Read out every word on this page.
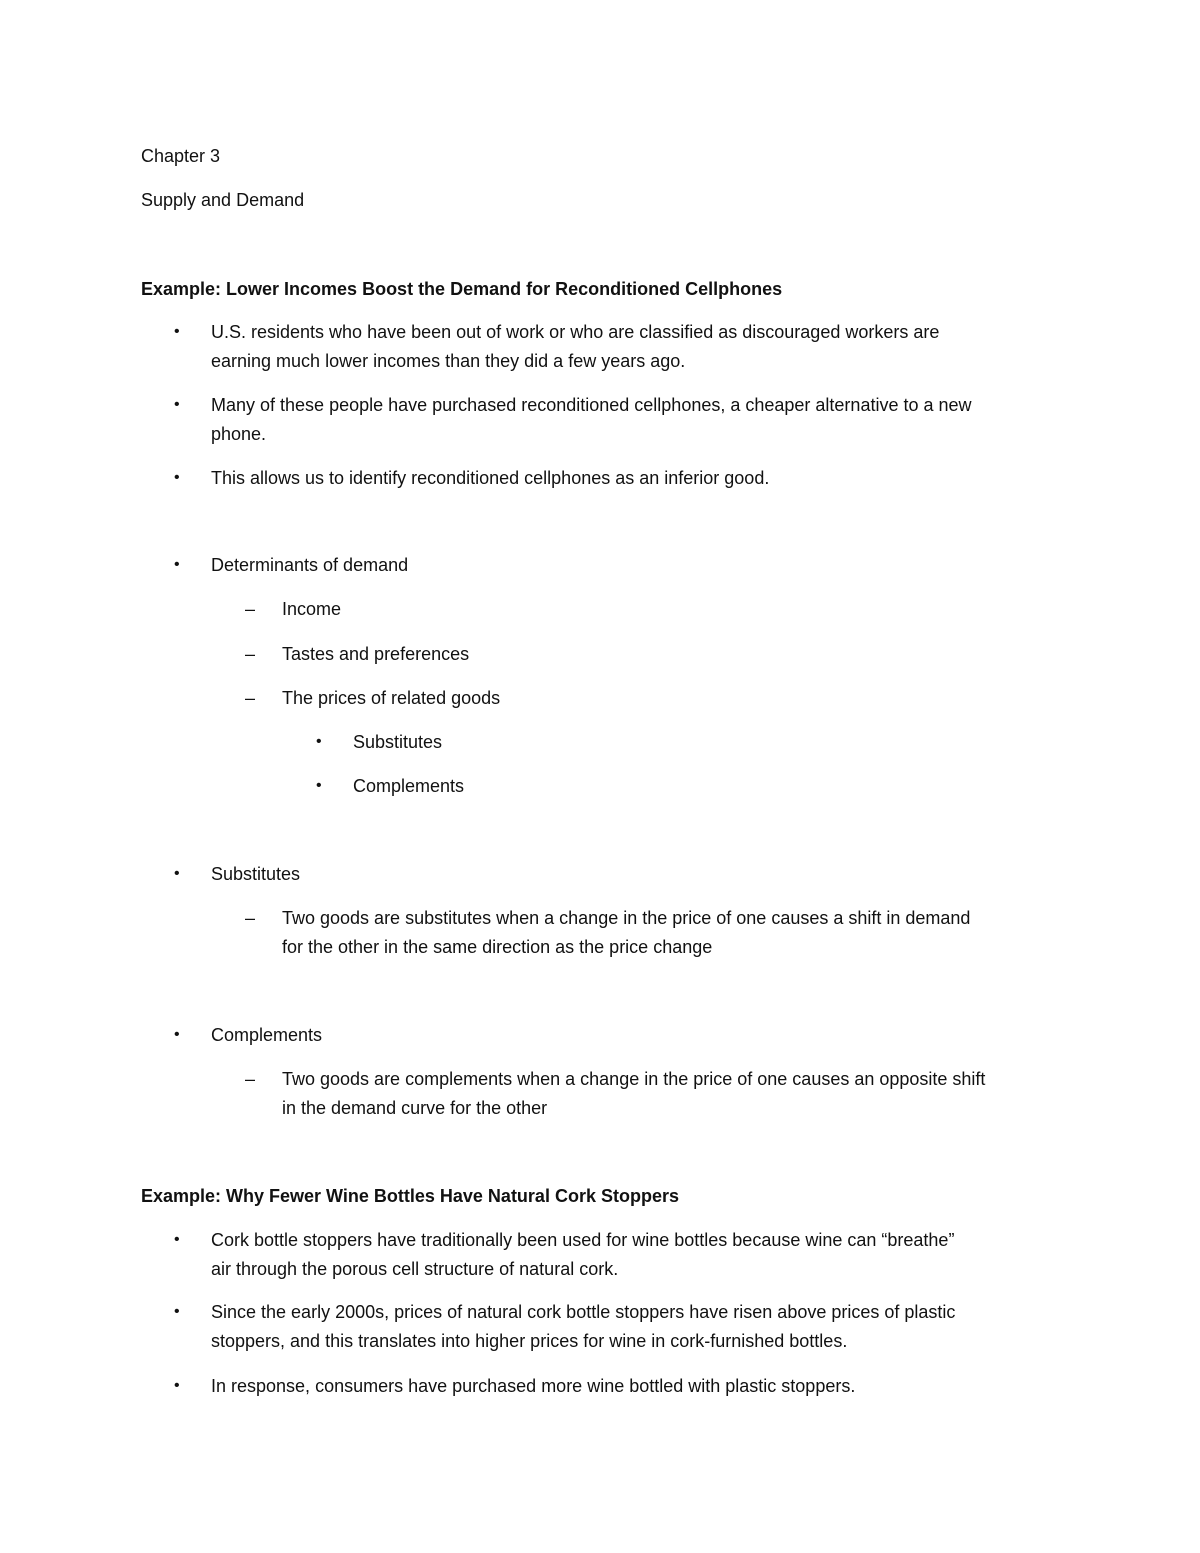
Chapter 3
Supply and Demand
Example: Lower Incomes Boost the Demand for Reconditioned Cellphones
• U.S. residents who have been out of work or who are classified as discouraged workers are
earning much lower incomes than they did a few years ago.
• Many of these people have purchased reconditioned cellphones, a cheaper alternative to a new
phone.
• This allows us to identify reconditioned cellphones as an inferior good.
• Determinants of demand
– Income
– Tastes and preferences
– The prices of related goods
• Substitutes
• Complements
• Substitutes
– Two goods are substitutes when a change in the price of one causes a shift in demand
for the other in the same direction as the price change
• Complements
– Two goods are complements when a change in the price of one causes an opposite shift
in the demand curve for the other
Example: Why Fewer Wine Bottles Have Natural Cork Stoppers
• Cork bottle stoppers have traditionally been used for wine bottles because wine can “breathe”
air through the porous cell structure of natural cork.
• Since the early 2000s, prices of natural cork bottle stoppers have risen above prices of plastic
stoppers, and this translates into higher prices for wine in cork-furnished bottles.
• In response, consumers have purchased more wine bottled with plastic stoppers.
